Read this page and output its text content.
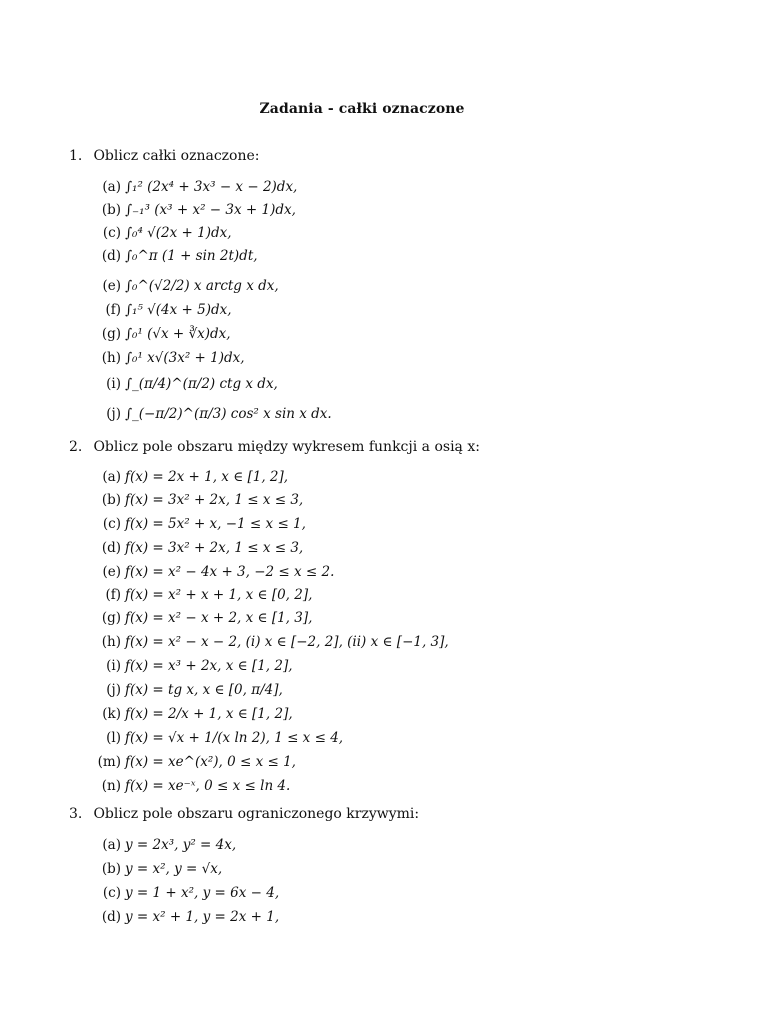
Zadania - całki oznaczone
1. Oblicz całki oznaczone:
(a) ∫₁² (2x⁴ + 3x³ − x − 2)dx,
(b) ∫₋₁³ (x³ + x² − 3x + 1)dx,
(c) ∫₀⁴ √(2x + 1)dx,
(d) ∫₀^π (1 + sin 2t)dt,
(e) ∫₀^(√2/2) x arctg x dx,
(f) ∫₁⁵ √(4x + 5)dx,
(g) ∫₀¹ (√x + ∛x)dx,
(h) ∫₀¹ x√(3x² + 1)dx,
(i) ∫_(π/4)^(π/2) ctg x dx,
(j) ∫_(−π/2)^(π/3) cos² x sin x dx.
2. Oblicz pole obszaru między wykresem funkcji a osią x:
(a) f(x) = 2x + 1, x ∈ [1, 2],
(b) f(x) = 3x² + 2x, 1 ≤ x ≤ 3,
(c) f(x) = 5x² + x, −1 ≤ x ≤ 1,
(d) f(x) = 3x² + 2x, 1 ≤ x ≤ 3,
(e) f(x) = x² − 4x + 3, −2 ≤ x ≤ 2.
(f) f(x) = x² + x + 1, x ∈ [0, 2],
(g) f(x) = x² − x + 2, x ∈ [1, 3],
(h) f(x) = x² − x − 2, (i) x ∈ [−2, 2], (ii) x ∈ [−1, 3],
(i) f(x) = x³ + 2x, x ∈ [1, 2],
(j) f(x) = tg x, x ∈ [0, π/4],
(k) f(x) = 2/x + 1, x ∈ [1, 2],
(l) f(x) = √x + 1/(x ln 2), 1 ≤ x ≤ 4,
(m) f(x) = xe^(x²), 0 ≤ x ≤ 1,
(n) f(x) = xe⁻ˣ, 0 ≤ x ≤ ln 4.
3. Oblicz pole obszaru ograniczonego krzywymi:
(a) y = 2x³, y² = 4x,
(b) y = x², y = √x,
(c) y = 1 + x², y = 6x − 4,
(d) y = x² + 1, y = 2x + 1,
